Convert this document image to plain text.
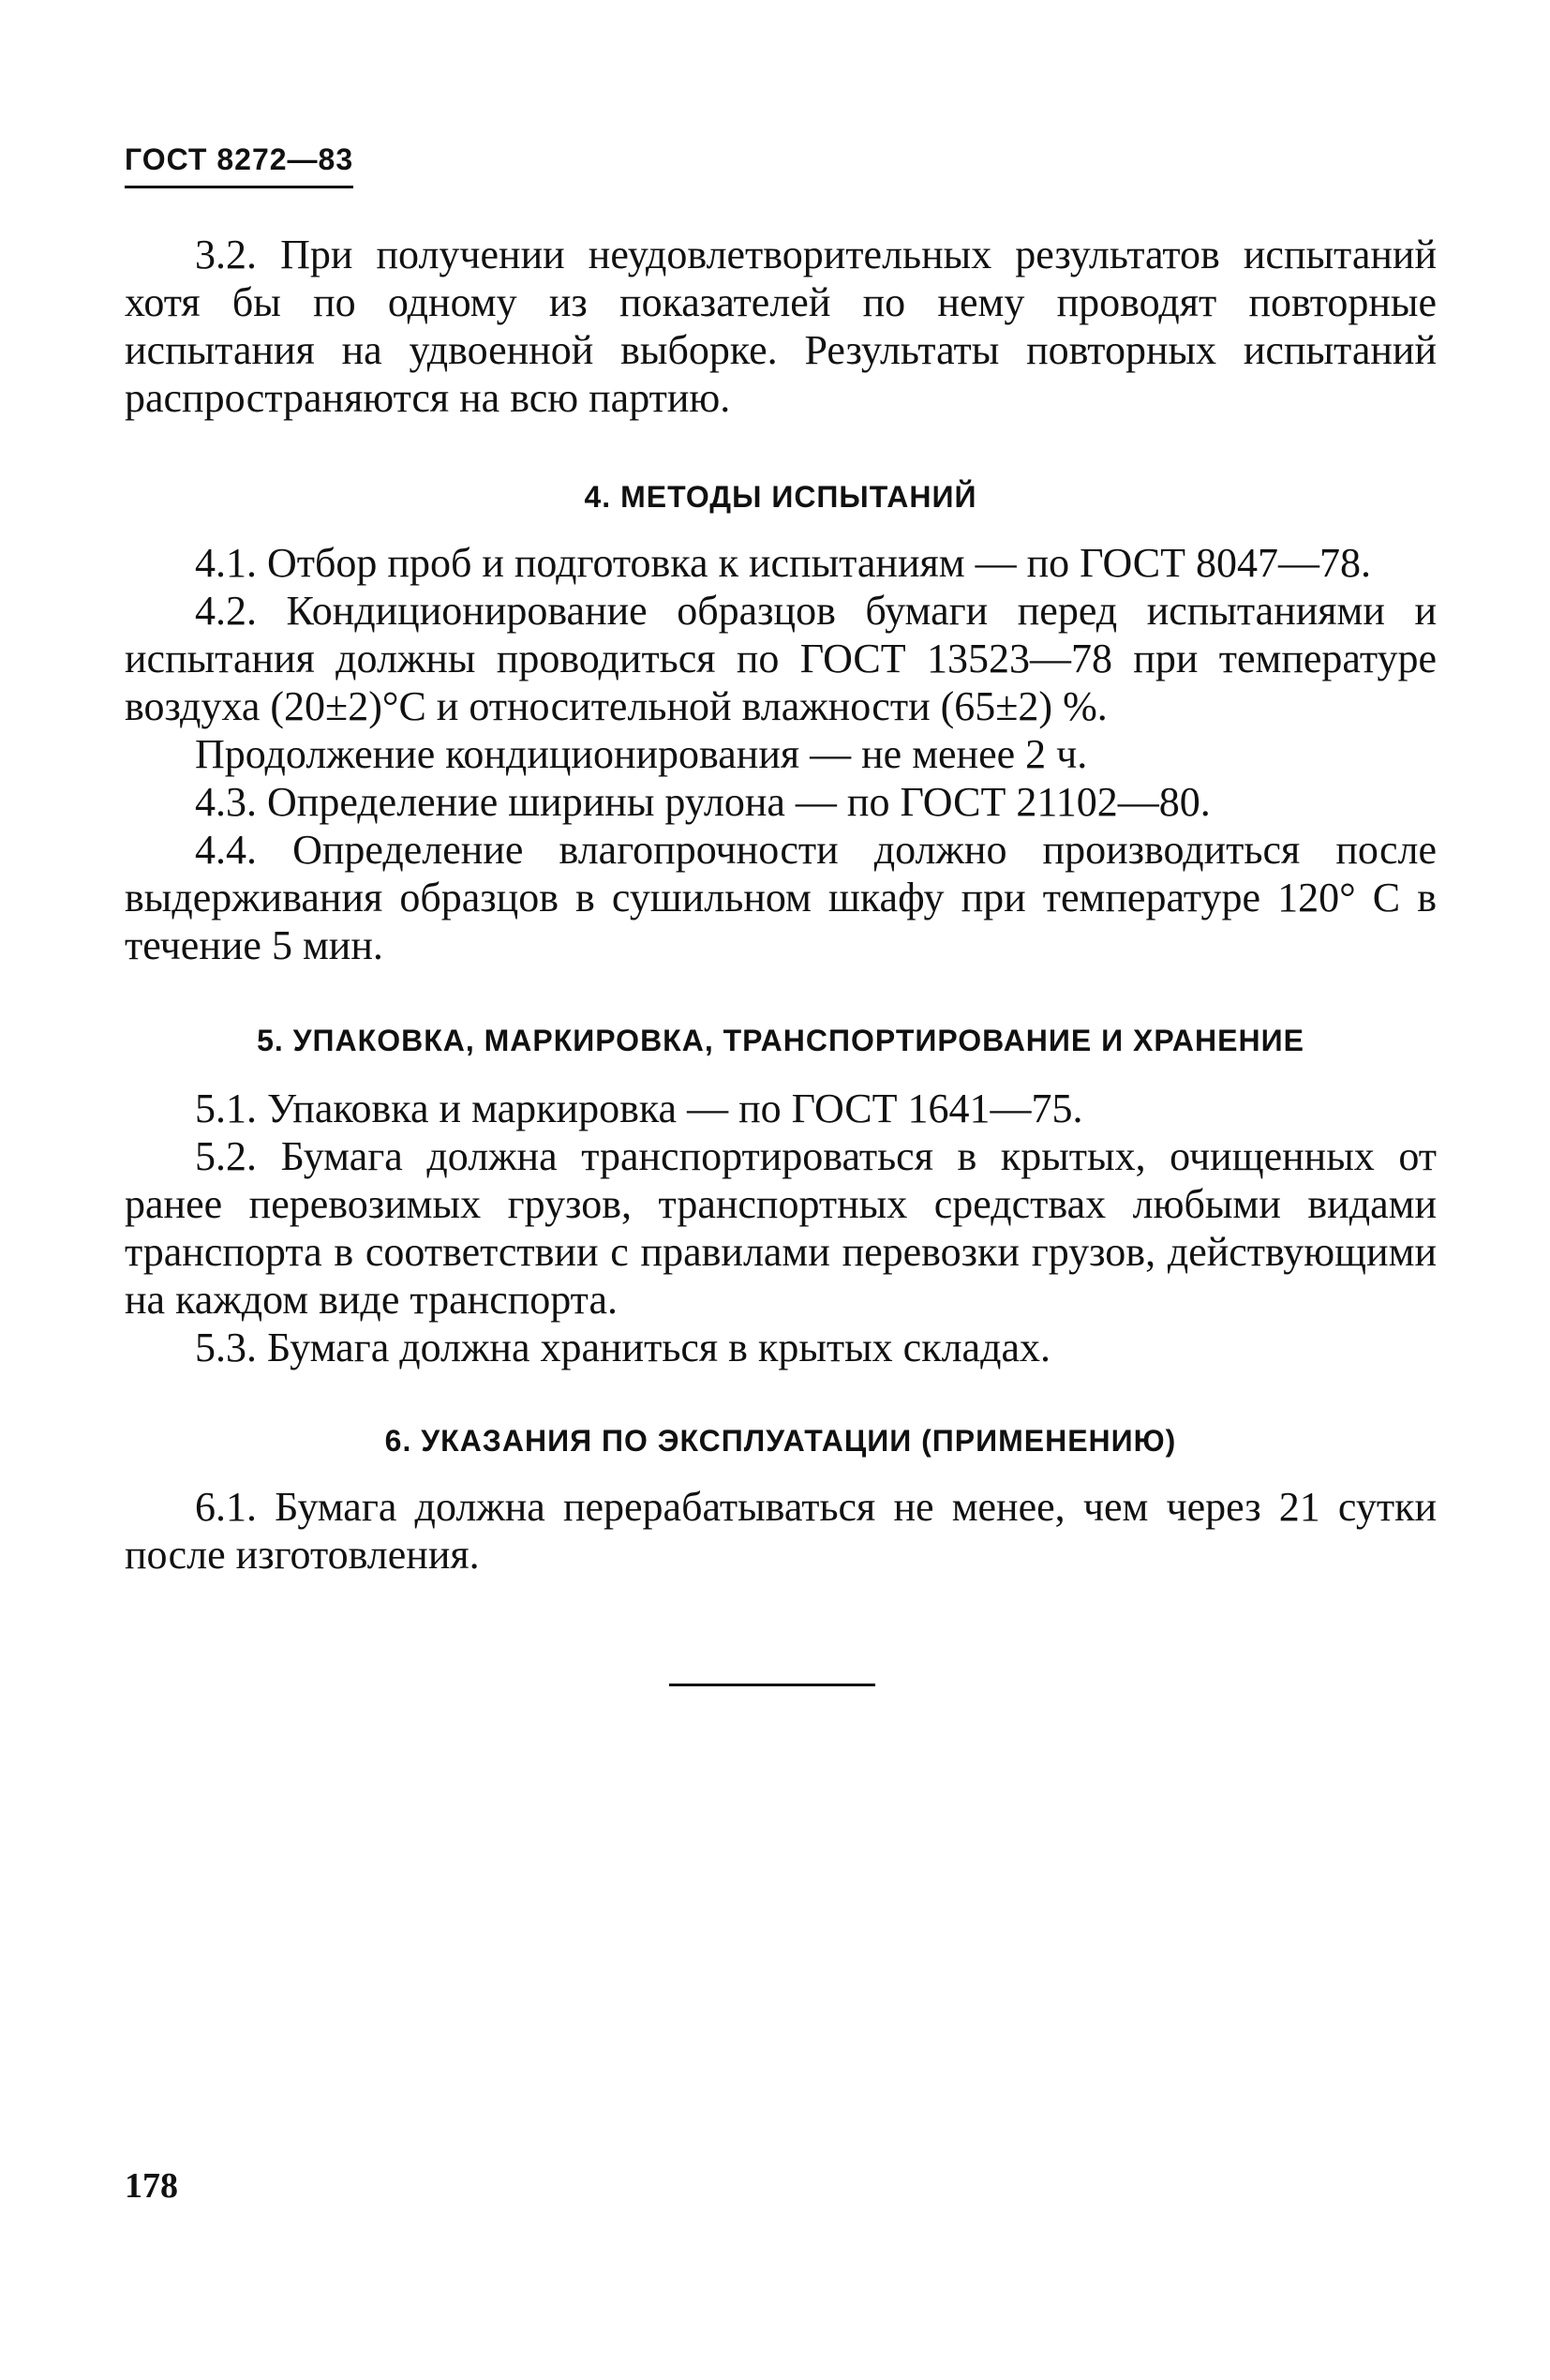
ГОСТ 8272—83

3.2. При получении неудовлетворительных результатов испытаний хотя бы по одному из показателей по нему проводят повторные испытания на удвоенной выборке. Результаты повторных испытаний распространяются на всю партию.

4. МЕТОДЫ ИСПЫТАНИЙ

4.1. Отбор проб и подготовка к испытаниям — по ГОСТ 8047—78.

4.2. Кондиционирование образцов бумаги перед испытаниями и испытания должны проводиться по ГОСТ 13523—78 при температуре воздуха (20±2)°С и относительной влажности (65±2) %.

Продолжение кондиционирования — не менее 2 ч.

4.3. Определение ширины рулона — по ГОСТ 21102—80.

4.4. Определение влагопрочности должно производиться после выдерживания образцов в сушильном шкафу при температуре 120° С в течение 5 мин.

5. УПАКОВКА, МАРКИРОВКА, ТРАНСПОРТИРОВАНИЕ И ХРАНЕНИЕ

5.1. Упаковка и маркировка — по ГОСТ 1641—75.

5.2. Бумага должна транспортироваться в крытых, очищенных от ранее перевозимых грузов, транспортных средствах любыми видами транспорта в соответствии с правилами перевозки грузов, действующими на каждом виде транспорта.

5.3. Бумага должна храниться в крытых складах.

6. УКАЗАНИЯ ПО ЭКСПЛУАТАЦИИ (ПРИМЕНЕНИЮ)

6.1. Бумага должна перерабатываться не менее, чем через 21 сутки после изготовления.

178
